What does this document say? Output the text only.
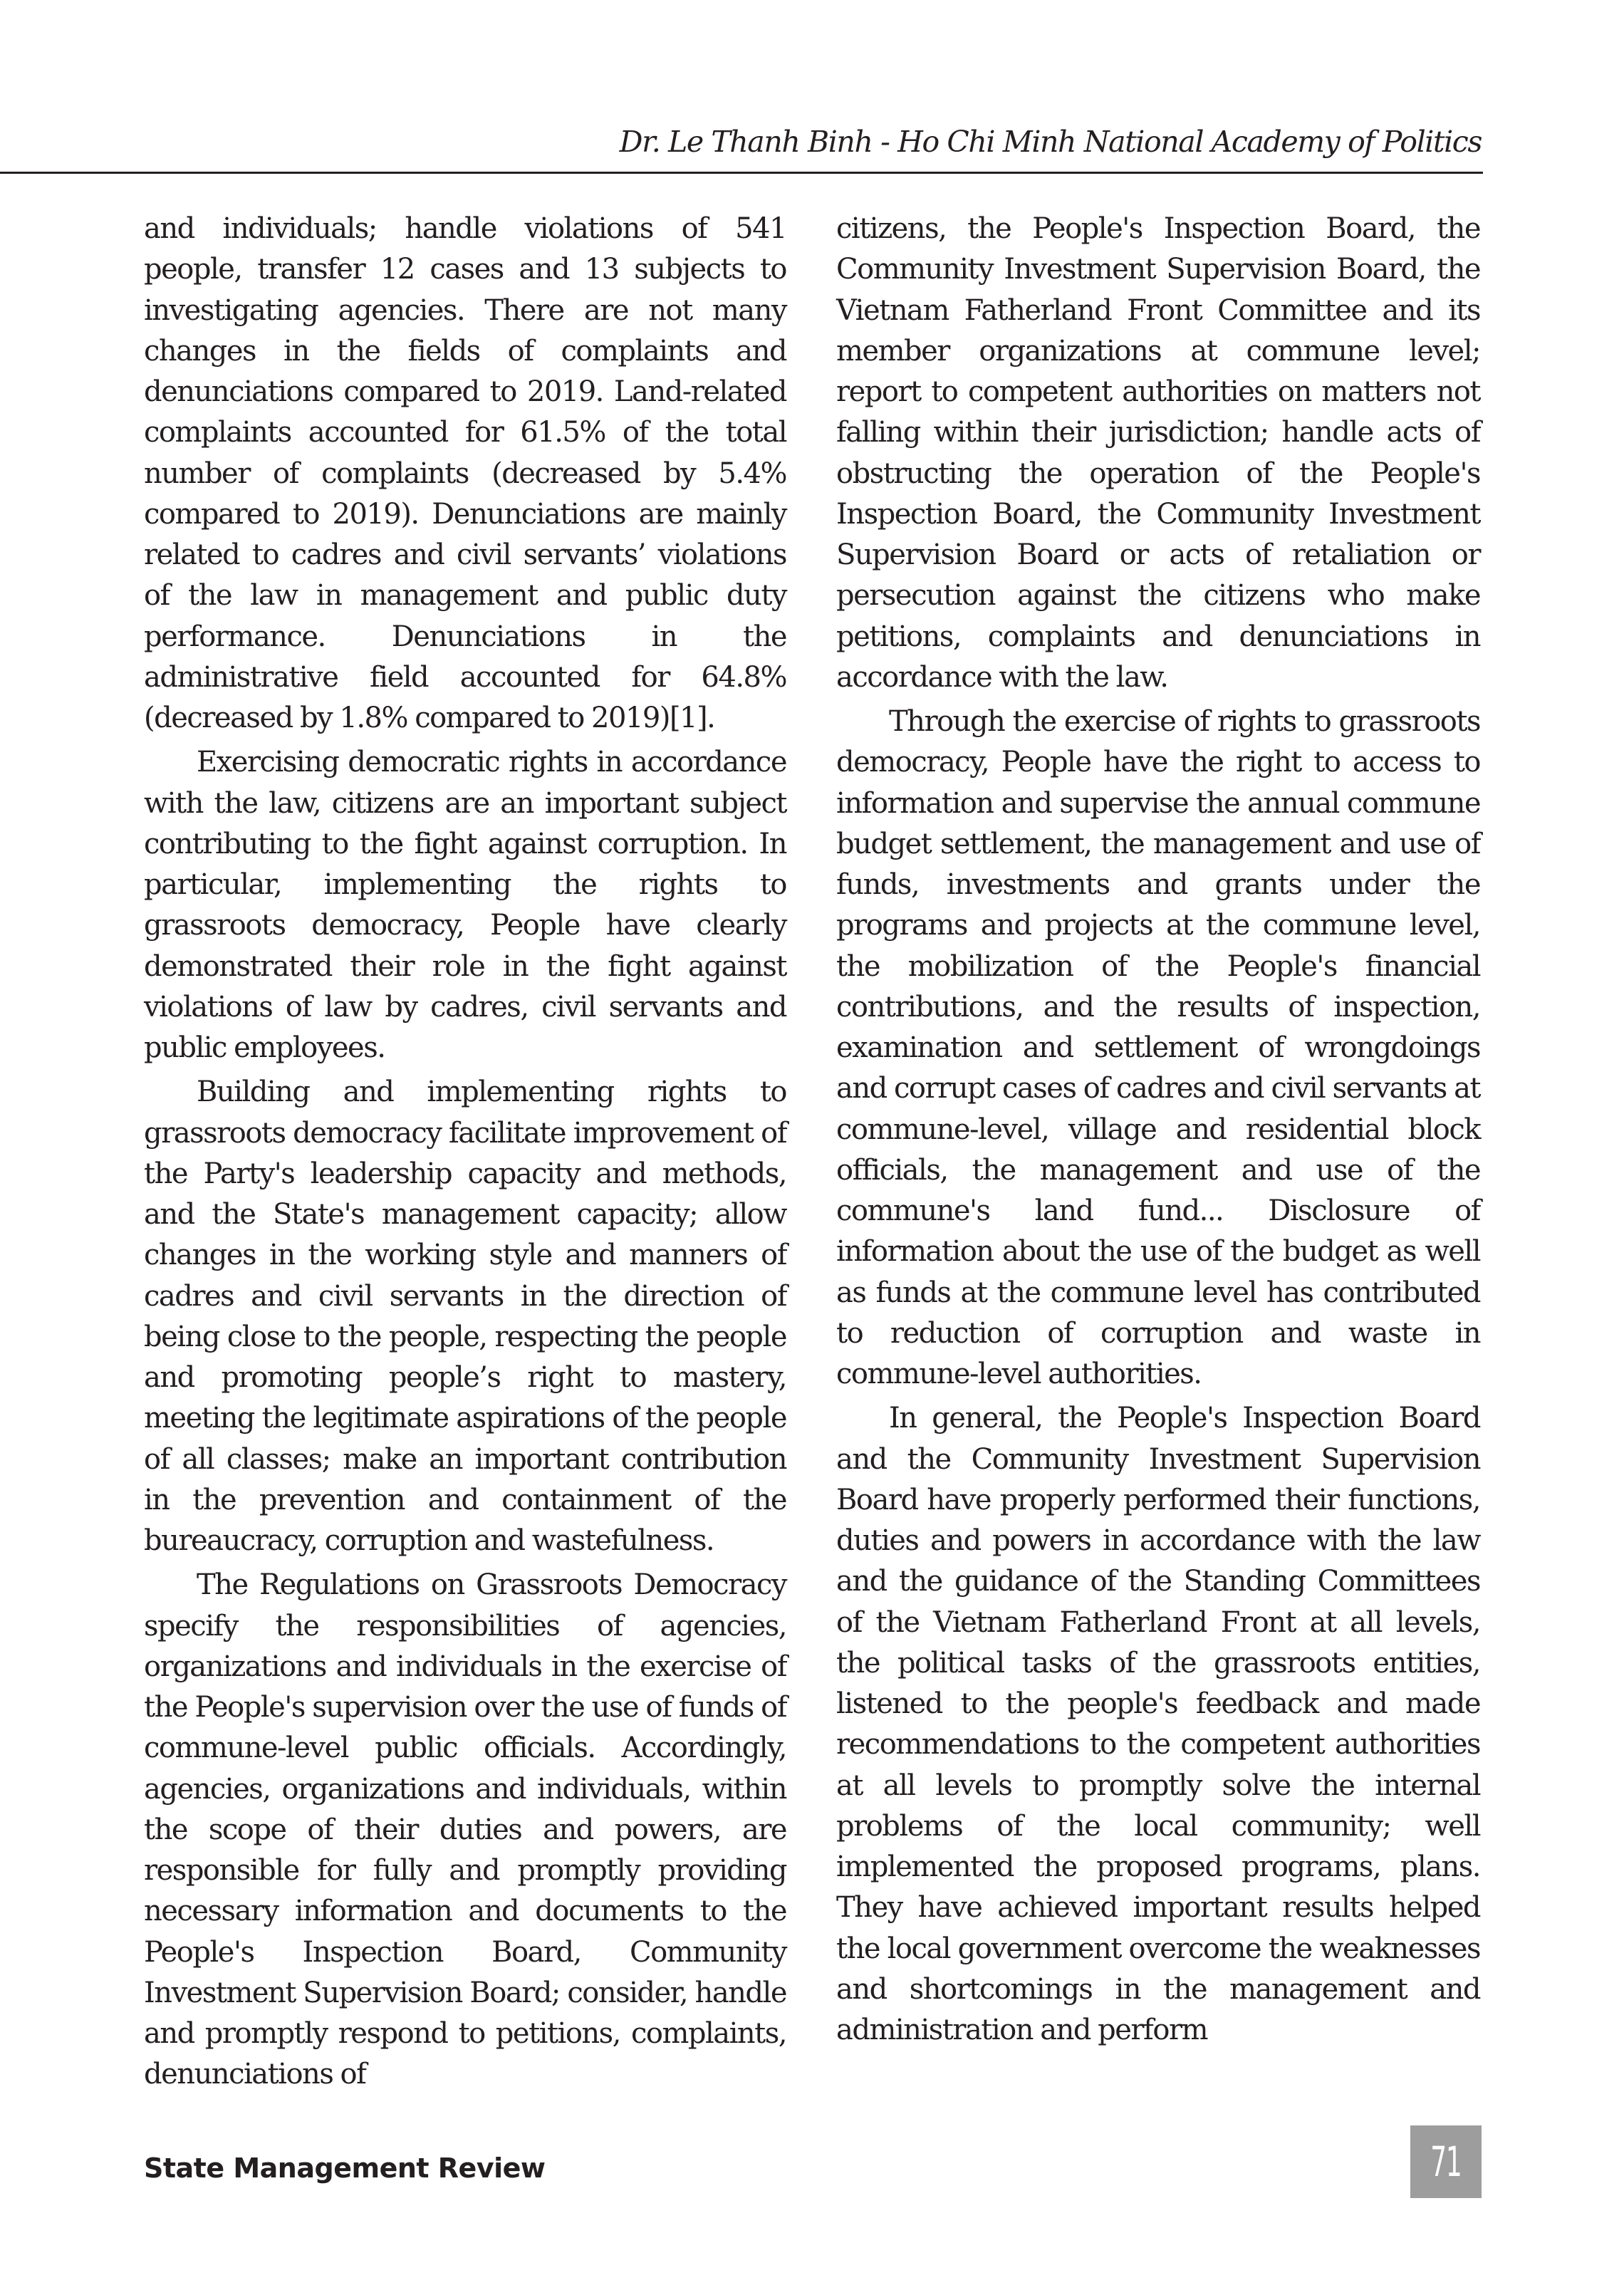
Dr. Le Thanh Binh - Ho Chi Minh National Academy of Politics

and individuals; handle violations of 541 people, transfer 12 cases and 13 subjects to investigating agencies. There are not many changes in the fields of complaints and denunciations compared to 2019. Land-related complaints accounted for 61.5% of the total number of complaints (decreased by 5.4% compared to 2019). Denunciations are mainly related to cadres and civil servants’ violations of the law in management and public duty performance. Denunciations in the administrative field accounted for 64.8% (decreased by 1.8% compared to 2019)[1].

Exercising democratic rights in accordance with the law, citizens are an important subject contributing to the fight against corruption. In particular, implementing the rights to grassroots democracy, People have clearly demonstrated their role in the fight against violations of law by cadres, civil servants and public employees.

Building and implementing rights to grassroots democracy facilitate improvement of the Party's leadership capacity and methods, and the State's management capacity; allow changes in the working style and manners of cadres and civil servants in the direction of being close to the people, respecting the people and promoting people’s right to mastery, meeting the legitimate aspirations of the people of all classes; make an important contribution in the prevention and containment of the bureaucracy, corruption and wastefulness.

The Regulations on Grassroots Democracy specify the responsibilities of agencies, organizations and individuals in the exercise of the People's supervision over the use of funds of commune-level public officials. Accordingly, agencies, organizations and individuals, within the scope of their duties and powers, are responsible for fully and promptly providing necessary information and documents to the People's Inspection Board, Community Investment Supervision Board; consider, handle and promptly respond to petitions, complaints, denunciations of

citizens, the People's Inspection Board, the Community Investment Supervision Board, the Vietnam Fatherland Front Committee and its member organizations at commune level; report to competent authorities on matters not falling within their jurisdiction; handle acts of obstructing the operation of the People's Inspection Board, the Community Investment Supervision Board or acts of retaliation or persecution against the citizens who make petitions, complaints and denunciations in accordance with the law.

Through the exercise of rights to grassroots democracy, People have the right to access to information and supervise the annual commune budget settlement, the management and use of funds, investments and grants under the programs and projects at the commune level, the mobilization of the People's financial contributions, and the results of inspection, examination and settlement of wrongdoings and corrupt cases of cadres and civil servants at commune-level, village and residential block officials, the management and use of the commune's land fund... Disclosure of information about the use of the budget as well as funds at the commune level has contributed to reduction of corruption and waste in commune-level authorities.

In general, the People's Inspection Board and the Community Investment Supervision Board have properly performed their functions, duties and powers in accordance with the law and the guidance of the Standing Committees of the Vietnam Fatherland Front at all levels, the political tasks of the grassroots entities, listened to the people's feedback and made recommendations to the competent authorities at all levels to promptly solve the internal problems of the local community; well implemented the proposed programs, plans. They have achieved important results helped the local government overcome the weaknesses and shortcomings in the management and administration and perform

State Management Review	71
